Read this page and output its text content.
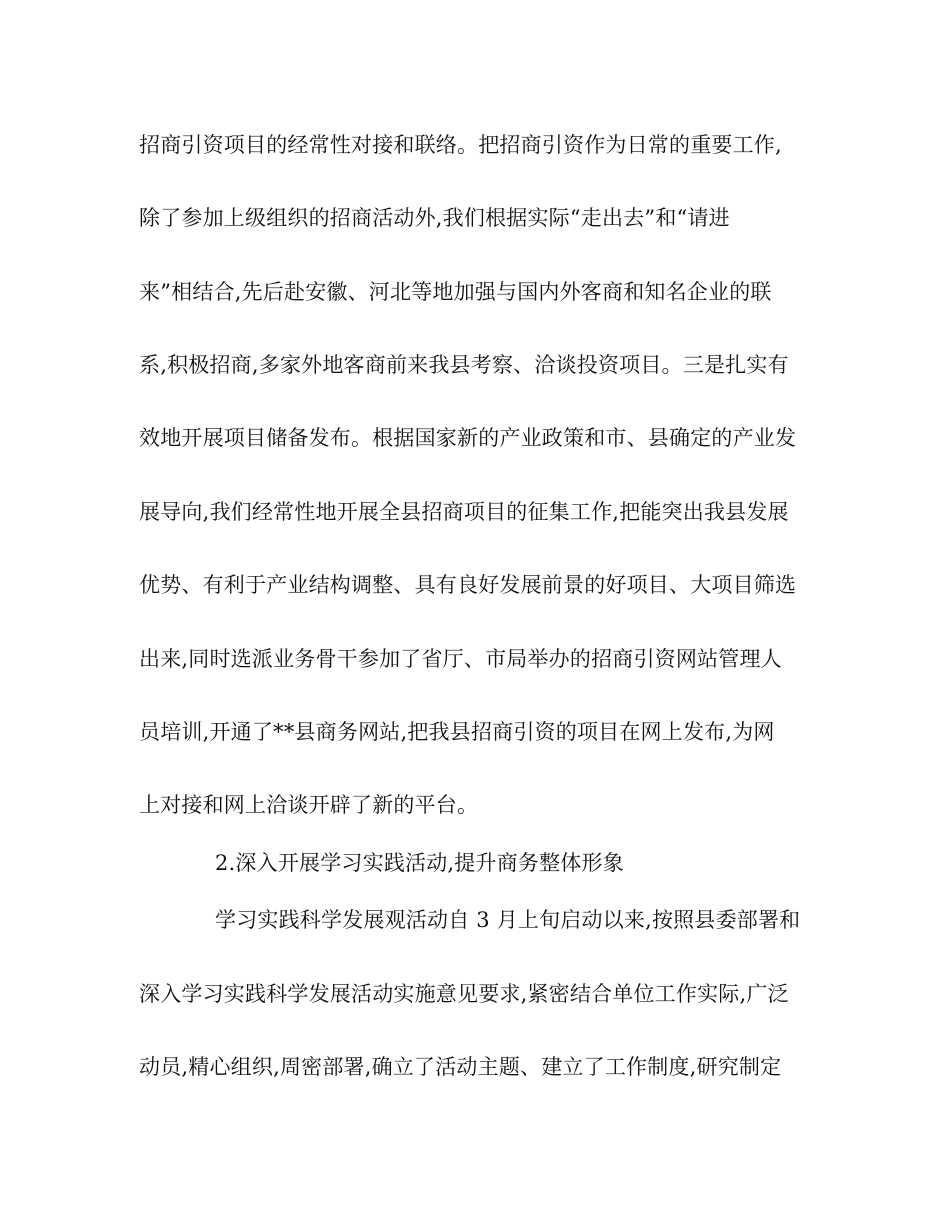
招商引资项目的经常性对接和联络。把招商引资作为日常的重要工作,
除了参加上级组织的招商活动外,我们根据实际“走出去”和“请进
来”相结合,先后赴安徽、河北等地加强与国内外客商和知名企业的联
系,积极招商,多家外地客商前来我县考察、洽谈投资项目。三是扎实有
效地开展项目储备发布。根据国家新的产业政策和市、县确定的产业发
展导向,我们经常性地开展全县招商项目的征集工作,把能突出我县发展
优势、有利于产业结构调整、具有良好发展前景的好项目、大项目筛选
出来,同时选派业务骨干参加了省厅、市局举办的招商引资网站管理人
员培训,开通了**县商务网站,把我县招商引资的项目在网上发布,为网
上对接和网上洽谈开辟了新的平台。
2.深入开展学习实践活动,提升商务整体形象
学习实践科学发展观活动自 3 月上旬启动以来,按照县委部署和
深入学习实践科学发展活动实施意见要求,紧密结合单位工作实际,广泛
动员,精心组织,周密部署,确立了活动主题、建立了工作制度,研究制定
